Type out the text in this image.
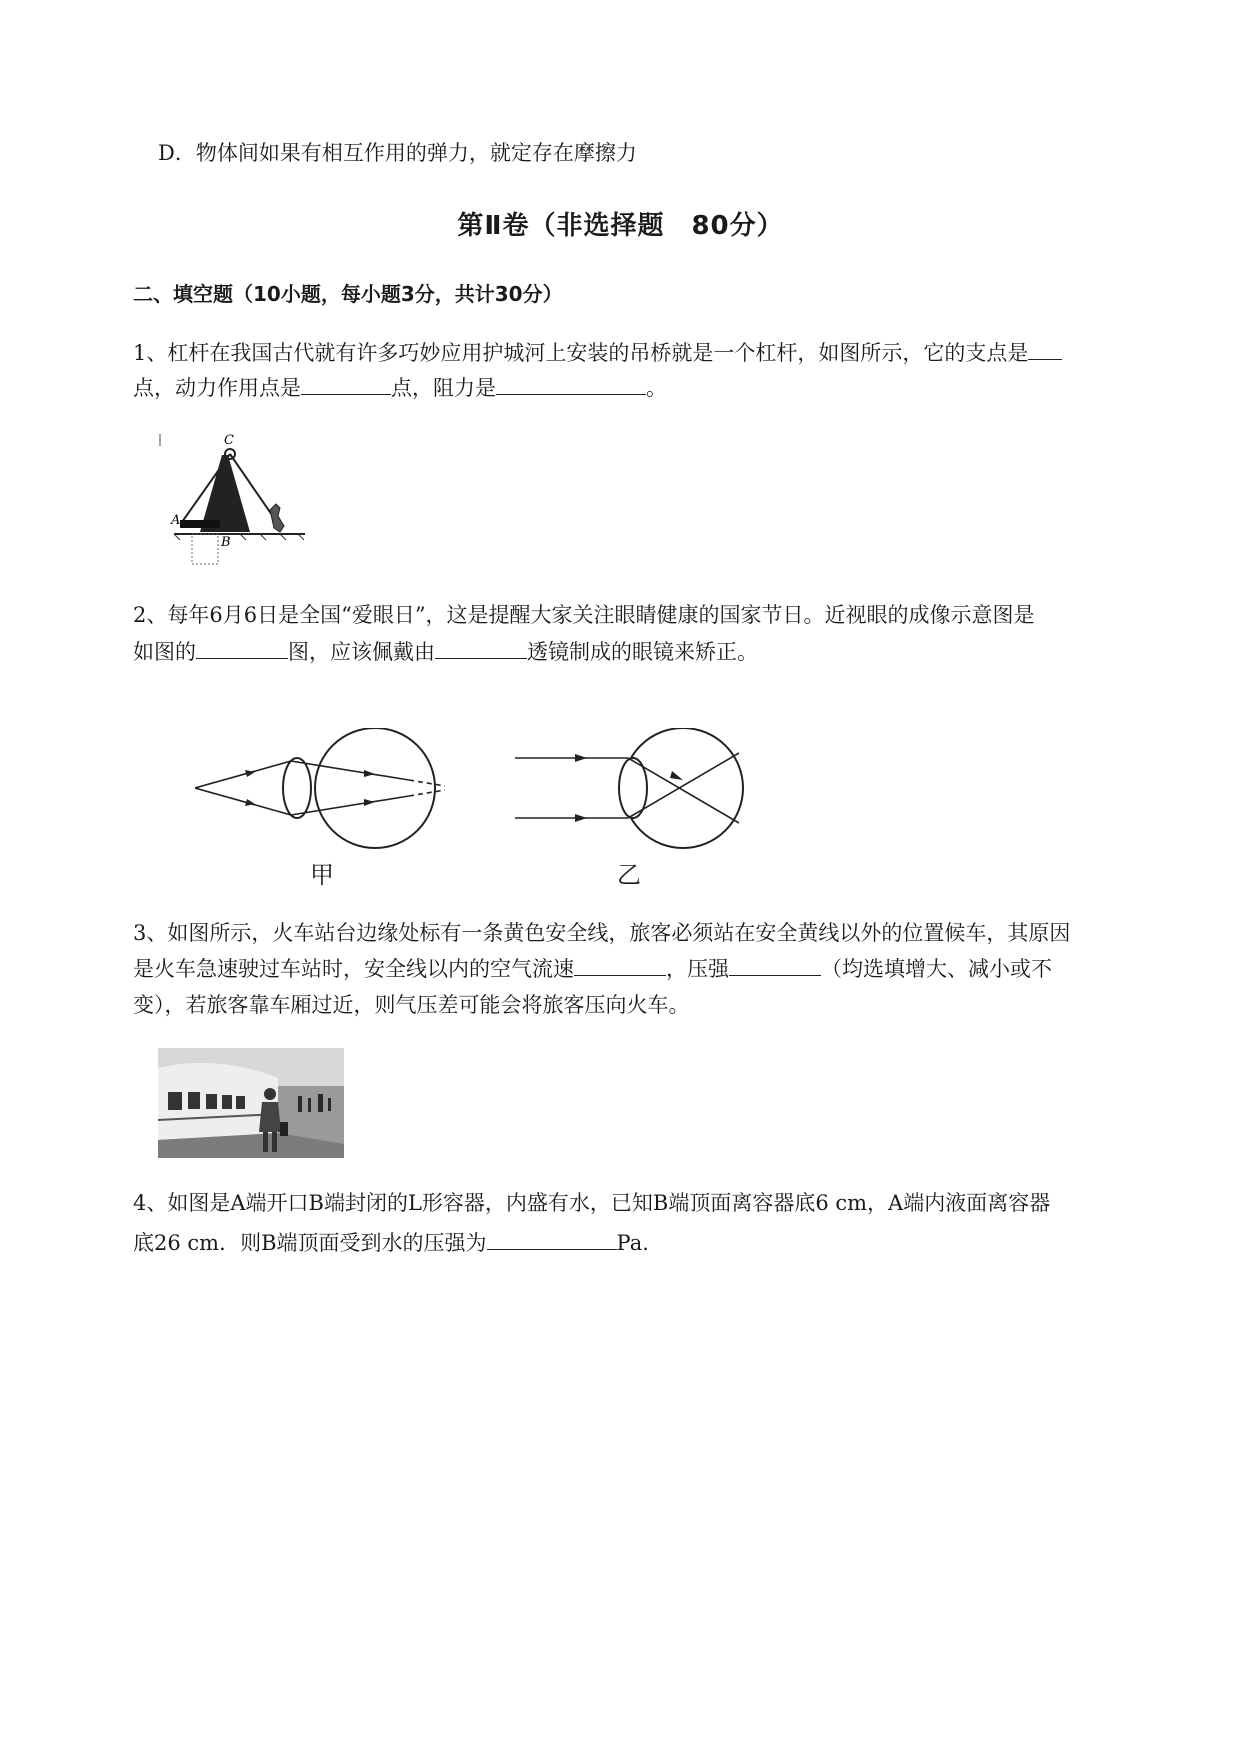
D．物体间如果有相互作用的弹力，就定存在摩擦力
第Ⅱ卷（非选择题　80分）
二、填空题（10小题，每小题3分，共计30分）
1、杠杆在我国古代就有许多巧妙应用护城河上安装的吊桥就是一个杠杆，如图所示，它的支点是
点，动力作用点是	点，阻力是	。
C
A
B
2、每年6月6日是全国“爱眼日”，这是提醒大家关注眼睛健康的国家节日。近视眼的成像示意图是
如图的	图，应该佩戴由	透镜制成的眼镜来矫正。
甲	乙
3、如图所示，火车站台边缘处标有一条黄色安全线，旅客必须站在安全黄线以外的位置候车，其原因
是火车急速驶过车站时，安全线以内的空气流速	，压强	（均选填增大、减小或不
变），若旅客靠车厢过近，则气压差可能会将旅客压向火车。
4、如图是A端开口B端封闭的L形容器，内盛有水，已知B端顶面离容器底6 cm，A端内液面离容器
底26 cm．则B端顶面受到水的压强为	Pa.
